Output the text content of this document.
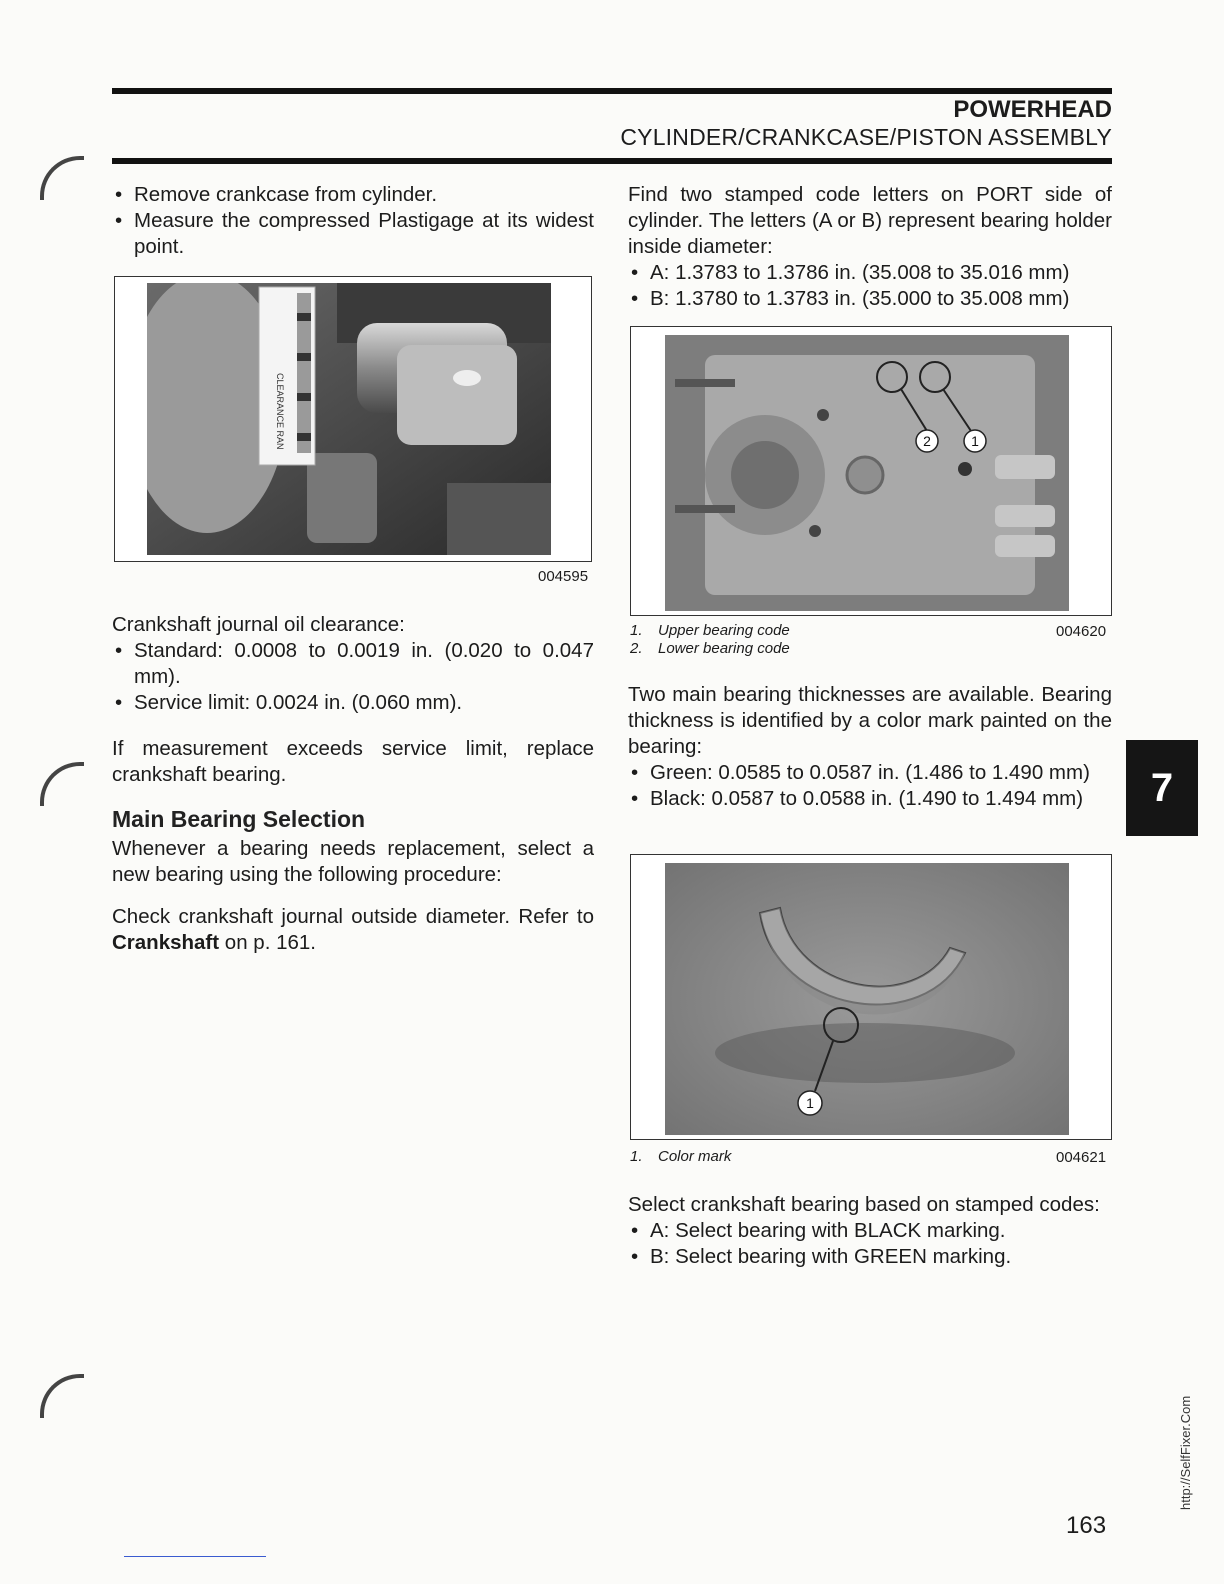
POWERHEAD
CYLINDER/CRANKCASE/PISTON ASSEMBLY
• Remove crankcase from cylinder.
• Measure the compressed Plastigage at its widest point.
CLEARANCE RAN
004595

Crankshaft journal oil clearance:

• Standard: 0.0008 to 0.0019 in. (0.020 to 0.047 mm).
• Service limit: 0.0024 in. (0.060 mm).

If measurement exceeds service limit, replace crankshaft bearing.

Main Bearing Selection

Whenever a bearing needs replacement, select a new bearing using the following procedure:

Check crankshaft journal outside diameter. Refer to Crankshaft on p. 161.

Find two stamped code letters on PORT side of cylinder. The letters (A or B) represent bearing holder inside diameter:

• A: 1.3783 to 1.3786 in. (35.008 to 35.016 mm)
• B: 1.3780 to 1.3783 in. (35.000 to 35.008 mm)
2	1
1. Upper bearing code
2. Lower bearing code
004620

Two main bearing thicknesses are available. Bearing thickness is identified by a color mark painted on the bearing:

• Green: 0.0585 to 0.0587 in. (1.486 to 1.490 mm)
• Black: 0.0587 to 0.0588 in. (1.490 to 1.494 mm)
1
1. Color mark	004621

Select crankshaft bearing based on stamped codes:

• A: Select bearing with BLACK marking.
• B: Select bearing with GREEN marking.
7
http://SelfFixer.Com
163
